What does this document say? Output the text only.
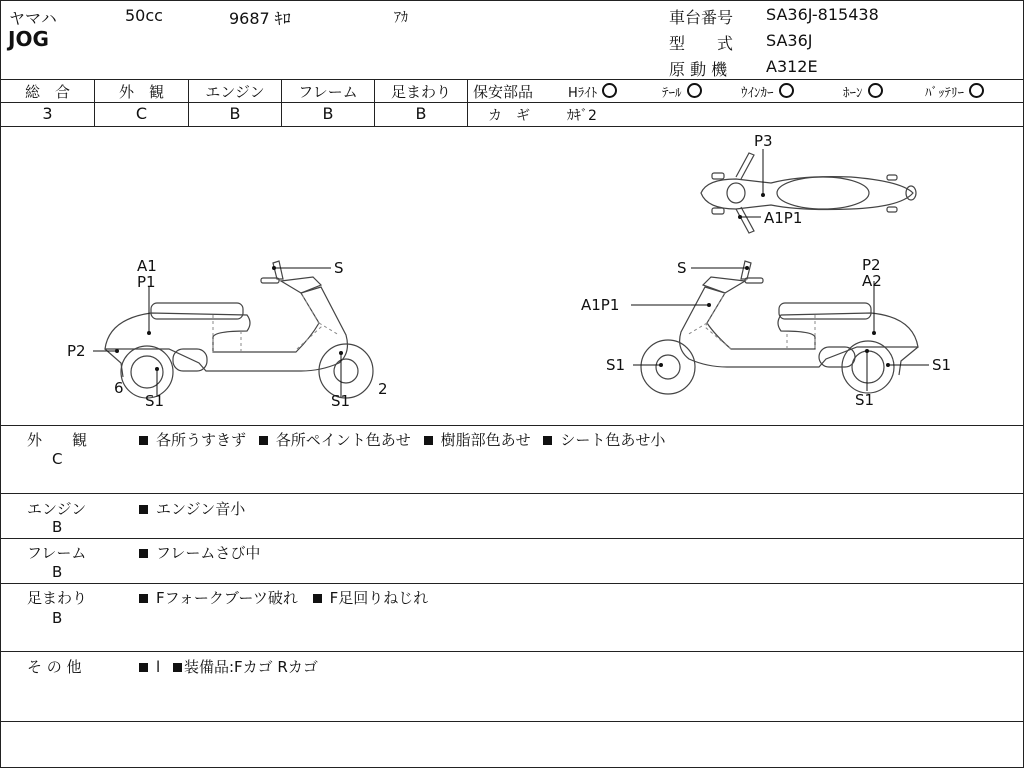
ヤマハ	50cc	9687 ｷﾛ	ｱｶ
JOG
車台番号 SA36J-815438
型　　式 SA36J
原 動 機 A312E
総　合
3
外　観
C
エンジン
B
フレーム
B
足まわり
B
保安部品	Hﾗｲﾄ	ﾃｰﾙ	ｳｲﾝｶｰ	ﾎｰﾝ	ﾊﾞｯﾃﾘｰ
カ　ギ	ｶｷﾞ2
P3
A1P1
A1
P1
S
P2
6
S1	S1
2
S	P2
A2
A1P1
S1	S1
S1
外　　観
C
各所うすきず 各所ペイント色あせ 樹脂部色あせ シート色あせ小
エンジン
B
エンジン音小
フレーム
B
フレームさび中
足まわり
B
Fフォークブーツ破れ F足回りねじれ
そ の 他	l 装備品:Fカゴ Rカゴ
